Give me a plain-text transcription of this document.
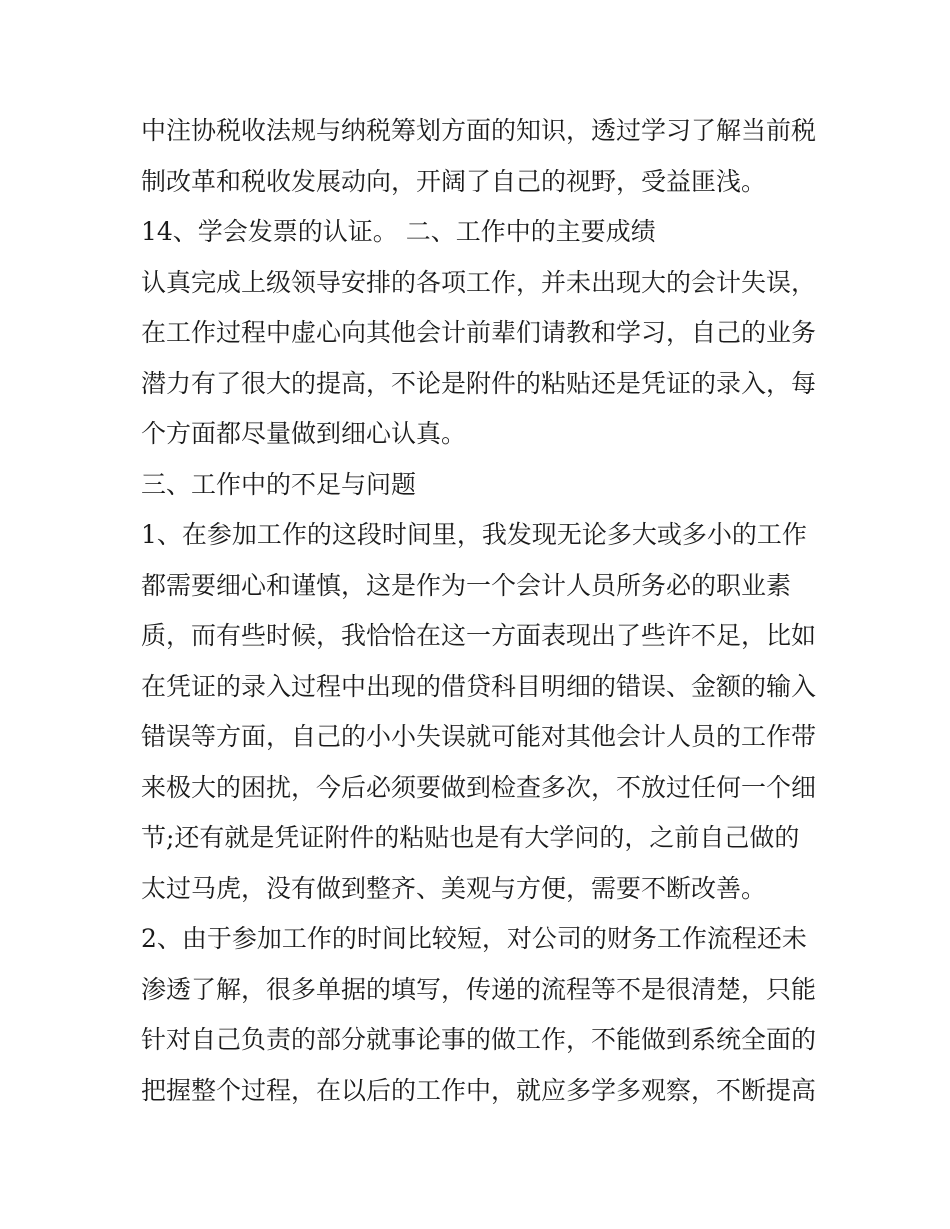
中注协税收法规与纳税筹划方面的知识，透过学习了解当前税
制改革和税收发展动向，开阔了自己的视野，受益匪浅。
14、学会发票的认证。 二、工作中的主要成绩
认真完成上级领导安排的各项工作，并未出现大的会计失误，
在工作过程中虚心向其他会计前辈们请教和学习，自己的业务
潜力有了很大的提高，不论是附件的粘贴还是凭证的录入，每
个方面都尽量做到细心认真。
三、工作中的不足与问题
1、在参加工作的这段时间里，我发现无论多大或多小的工作
都需要细心和谨慎，这是作为一个会计人员所务必的职业素
质，而有些时候，我恰恰在这一方面表现出了些许不足，比如
在凭证的录入过程中出现的借贷科目明细的错误、金额的输入
错误等方面，自己的小小失误就可能对其他会计人员的工作带
来极大的困扰，今后必须要做到检查多次，不放过任何一个细
节;还有就是凭证附件的粘贴也是有大学问的，之前自己做的
太过马虎，没有做到整齐、美观与方便，需要不断改善。
2、由于参加工作的时间比较短，对公司的财务工作流程还未
渗透了解，很多单据的填写，传递的流程等不是很清楚，只能
针对自己负责的部分就事论事的做工作，不能做到系统全面的
把握整个过程，在以后的工作中，就应多学多观察，不断提高
